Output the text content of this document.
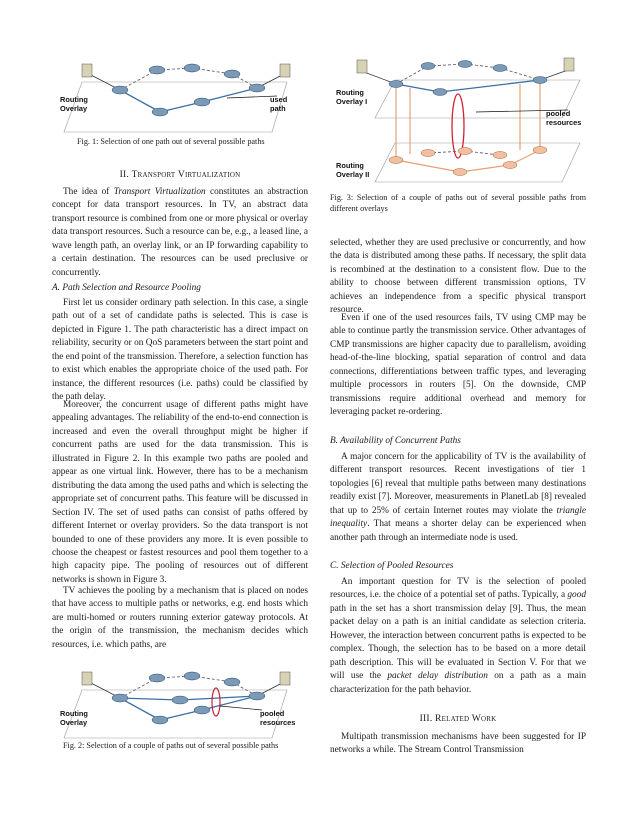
Routing
Overlay
used
path

Fig. 1: Selection of one path out of several possible paths

II. Transport Virtualization

The idea of Transport Virtualization constitutes an abstraction concept for data transport resources. In TV, an abstract data transport resource is combined from one or more physical or overlay data transport resources. Such a resource can be, e.g., a leased line, a wave length path, an overlay link, or an IP forwarding capability to a certain destination. The resources can be used preclusive or concurrently.

A. Path Selection and Resource Pooling

First let us consider ordinary path selection. In this case, a single path out of a set of candidate paths is selected. This is case is depicted in Figure 1. The path characteristic has a direct impact on reliability, security or on QoS parameters between the start point and the end point of the transmission. Therefore, a selection function has to exist which enables the appropriate choice of the used path. For instance, the different resources (i.e. paths) could be classified by the path delay.

Moreover, the concurrent usage of different paths might have appealing advantages. The reliability of the end-to-end connection is increased and even the overall throughput might be higher if concurrent paths are used for the data transmission. This is illustrated in Figure 2. In this example two paths are pooled and appear as one virtual link. However, there has to be a mechanism distributing the data among the used paths and which is selecting the appropriate set of concurrent paths. This feature will be discussed in Section IV. The set of used paths can consist of paths offered by different Internet or overlay providers. So the data transport is not bounded to one of these providers any more. It is even possible to choose the cheapest or fastest resources and pool them together to a high capacity pipe. The pooling of resources out of different networks is shown in Figure 3.

TV achieves the pooling by a mechanism that is placed on nodes that have access to multiple paths or networks, e.g. end hosts which are multi-homed or routers running exterior gateway protocols. At the origin of the transmission, the mechanism decides which resources, i.e. which paths, are

Routing
Overlay
pooled
resources

Fig. 2: Selection of a couple of paths out of several possible paths

Routing
Overlay I
pooled
resources
Routing
Overlay II

Fig. 3: Selection of a couple of paths out of several possible paths from different overlays

selected, whether they are used preclusive or concurrently, and how the data is distributed among these paths. If necessary, the split data is recombined at the destination to a consistent flow. Due to the ability to choose between different transmission options, TV achieves an independence from a specific physical transport resource.

Even if one of the used resources fails, TV using CMP may be able to continue partly the transmission service. Other advantages of CMP transmissions are higher capacity due to parallelism, avoiding head-of-the-line blocking, spatial separation of control and data connections, differentiations between traffic types, and leveraging multiple processors in routers [5]. On the downside, CMP transmissions require additional overhead and memory for leveraging packet re-ordering.

B. Availability of Concurrent Paths

A major concern for the applicability of TV is the availability of different transport resources. Recent investigations of tier 1 topologies [6] reveal that multiple paths between many destinations readily exist [7]. Moreover, measurements in PlanetLab [8] revealed that up to 25% of certain Internet routes may violate the triangle inequality. That means a shorter delay can be experienced when another path through an intermediate node is used.

C. Selection of Pooled Resources

An important question for TV is the selection of pooled resources, i.e. the choice of a potential set of paths. Typically, a good path in the set has a short transmission delay [9]. Thus, the mean packet delay on a path is an initial candidate as selection criteria. However, the interaction between concurrent paths is expected to be complex. Though, the selection has to be based on a more detail path description. This will be evaluated in Section V. For that we will use the packet delay distribution on a path as a main characterization for the path behavior.

III. Related Work

Multipath transmission mechanisms have been suggested for IP networks a while. The Stream Control Transmission
